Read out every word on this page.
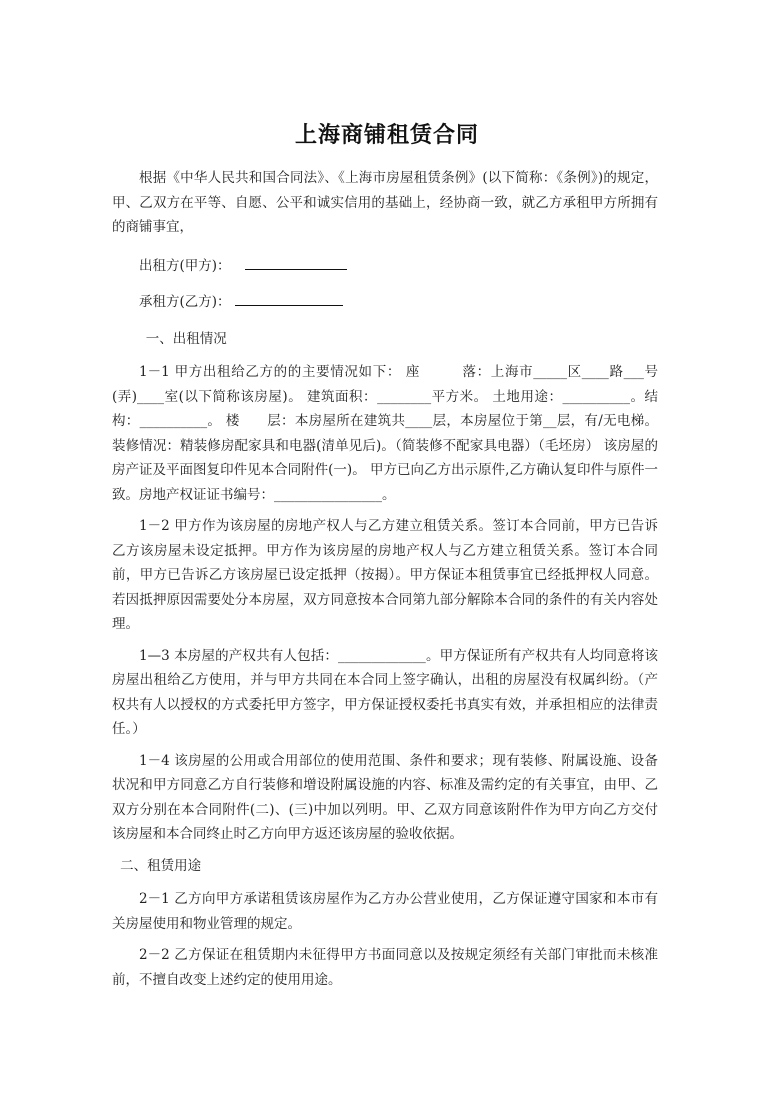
上海商铺租赁合同

根据《中华人民共和国合同法》、《上海市房屋租赁条例》(以下简称：《条例》)的规定，甲、乙双方在平等、自愿、公平和诚实信用的基础上，经协商一致，就乙方承租甲方所拥有的商铺事宜，

出租方(甲方)：

承租方(乙方)：

一、出租情况

1－1 甲方出租给乙方的的主要情况如下： 座　　　落：上海市_____区____路___号(弄)____室(以下简称该房屋)。 建筑面积：________平方米。 土地用途：__________。结　　构：__________。 楼　　层：本房屋所在建筑共____层，本房屋位于第__层，有/无电梯。 装修情况：精装修房配家具和电器(清单见后)。（简装修不配家具电器）（毛坯房） 该房屋的房产证及平面图复印件见本合同附件(一)。 甲方已向乙方出示原件,乙方确认复印件与原件一致。房地产权证证书编号：________________。

1－2 甲方作为该房屋的房地产权人与乙方建立租赁关系。签订本合同前，甲方已告诉乙方该房屋未设定抵押。甲方作为该房屋的房地产权人与乙方建立租赁关系。签订本合同前，甲方已告诉乙方该房屋已设定抵押（按揭）。甲方保证本租赁事宜已经抵押权人同意。若因抵押原因需要处分本房屋，双方同意按本合同第九部分解除本合同的条件的有关内容处理。

1—3 本房屋的产权共有人包括：_____________。甲方保证所有产权共有人均同意将该房屋出租给乙方使用，并与甲方共同在本合同上签字确认，出租的房屋没有权属纠纷。（产权共有人以授权的方式委托甲方签字，甲方保证授权委托书真实有效，并承担相应的法律责任。）

1－4 该房屋的公用或合用部位的使用范围、条件和要求；现有装修、附属设施、设备状况和甲方同意乙方自行装修和增设附属设施的内容、标准及需约定的有关事宜，由甲、乙双方分别在本合同附件(二)、(三)中加以列明。甲、乙双方同意该附件作为甲方向乙方交付该房屋和本合同终止时乙方向甲方返还该房屋的验收依据。

二、租赁用途

2－1 乙方向甲方承诺租赁该房屋作为乙方办公营业使用，乙方保证遵守国家和本市有关房屋使用和物业管理的规定。

2－2 乙方保证在租赁期内未征得甲方书面同意以及按规定须经有关部门审批而未核准前，不擅自改变上述约定的使用用途。
